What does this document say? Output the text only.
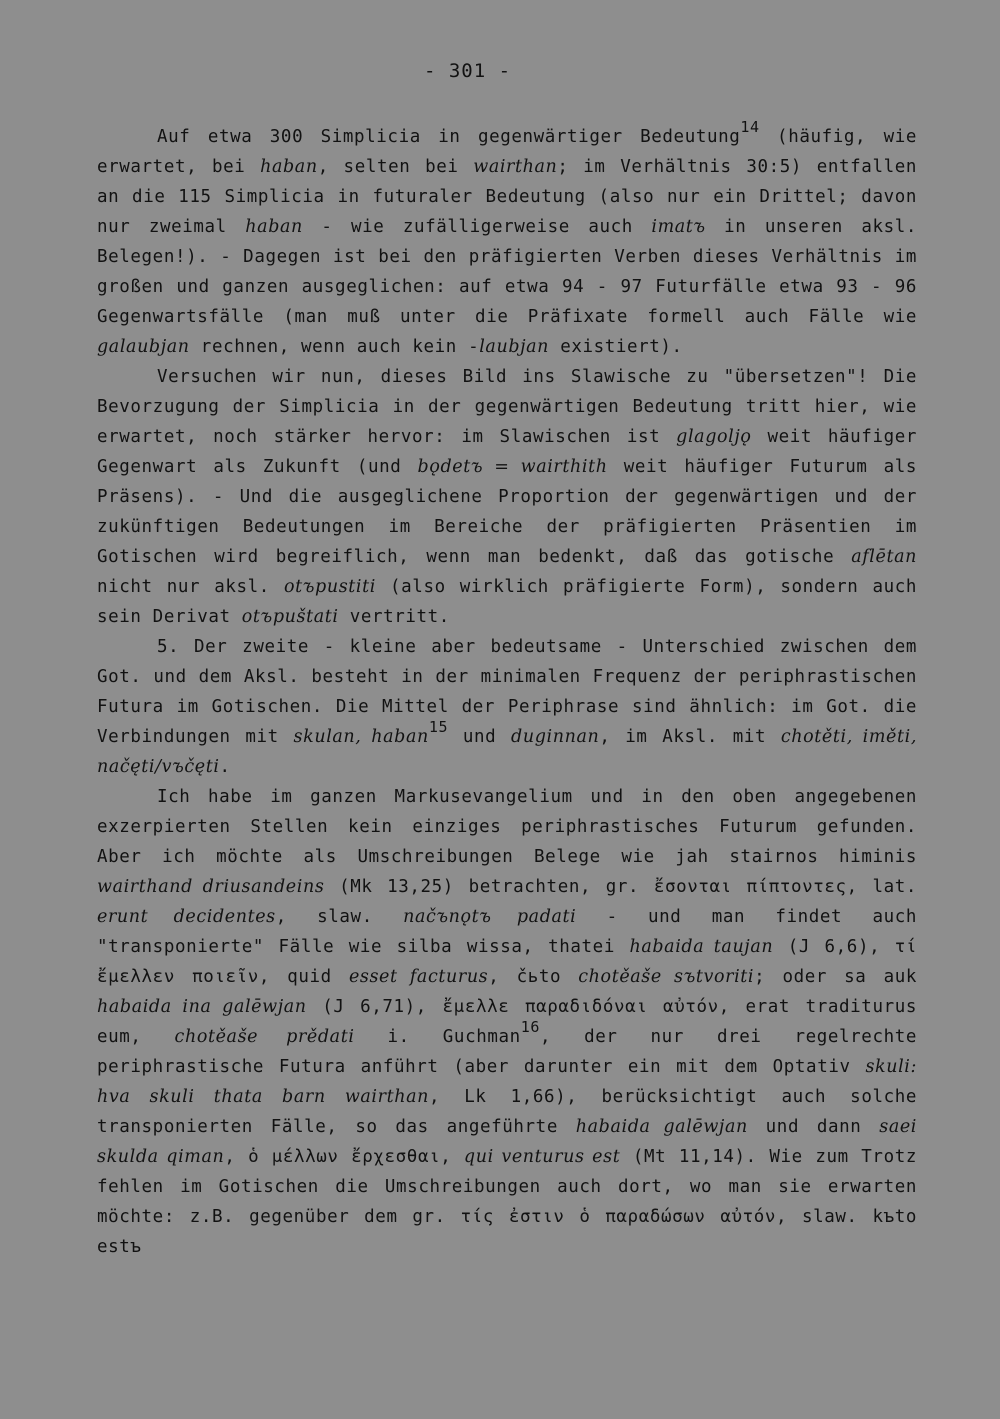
- 301 -

Auf etwa 300 Simplicia in gegenwärtiger Bedeutung$^{14}$ (häufig, wie erwartet, bei haban, selten bei wairthan; im Verhältnis 30:5) entfallen an die 115 Simplicia in futuraler Bedeutung (also nur ein Drittel; davon nur zweimal haban - wie zufälligerweise auch imatъ in unseren aksl. Belegen!). - Dagegen ist bei den präfigierten Verben dieses Verhältnis im großen und ganzen ausgeglichen: auf etwa 94 - 97 Futurfälle etwa 93 - 96 Gegenwartsfälle (man muß unter die Präfixate formell auch Fälle wie galaubjan rechnen, wenn auch kein -laubjan existiert).

Versuchen wir nun, dieses Bild ins Slawische zu "übersetzen"! Die Bevorzugung der Simplicia in der gegenwärtigen Bedeutung tritt hier, wie erwartet, noch stärker hervor: im Slawischen ist glagoljǫ weit häufiger Gegenwart als Zukunft (und bǫdetъ = wairthith weit häufiger Futurum als Präsens). - Und die ausgeglichene Proportion der gegenwärtigen und der zukünftigen Bedeutungen im Bereiche der präfigierten Präsentien im Gotischen wird begreiflich, wenn man bedenkt, daß das gotische aflētan nicht nur aksl. otъpustiti (also wirklich präfigierte Form), sondern auch sein Derivat otъpuštati vertritt.

5. Der zweite - kleine aber bedeutsame - Unterschied zwischen dem Got. und dem Aksl. besteht in der minimalen Frequenz der periphrastischen Futura im Gotischen. Die Mittel der Periphrase sind ähnlich: im Got. die Verbindungen mit skulan, haban$^{15}$ und duginnan, im Aksl. mit chotěti, iměti, načęti/vъčęti.

Ich habe im ganzen Markusevangelium und in den oben angegebenen exzerpierten Stellen kein einziges periphrastisches Futurum gefunden. Aber ich möchte als Umschreibungen Belege wie jah stairnos himinis wairthand driusandeins (Mk 13,25) betrachten, gr. ἔσονται πίπτοντες, lat. erunt decidentes, slaw. načъnǫtъ padati - und man findet auch "transponierte" Fälle wie silba wissa, thatei habaida taujan (J 6,6), τί ἔμελλεν ποιεῖν, quid esset facturus, čьto chotěaše sъtvoriti; oder sa auk habaida ina galēwjan (J 6,71), ἔμελλε παραδιδόναι αὐτόν, erat traditurus eum, chotěaše prědati i. Guchman$^{16}$, der nur drei regelrechte periphrastische Futura anführt (aber darunter ein mit dem Optativ skuli: hva skuli thata barn wairthan, Lk 1,66), berücksichtigt auch solche transponierten Fälle, so das angeführte habaida galēwjan und dann saei skulda qiman, ὁ μέλλων ἔρχεσθαι, qui venturus est (Mt 11,14). Wie zum Trotz fehlen im Gotischen die Umschreibungen auch dort, wo man sie erwarten möchte: z.B. gegenüber dem gr. τίς ἐστιν ὁ παραδώσων αὐτόν, slaw. kъto estъ
